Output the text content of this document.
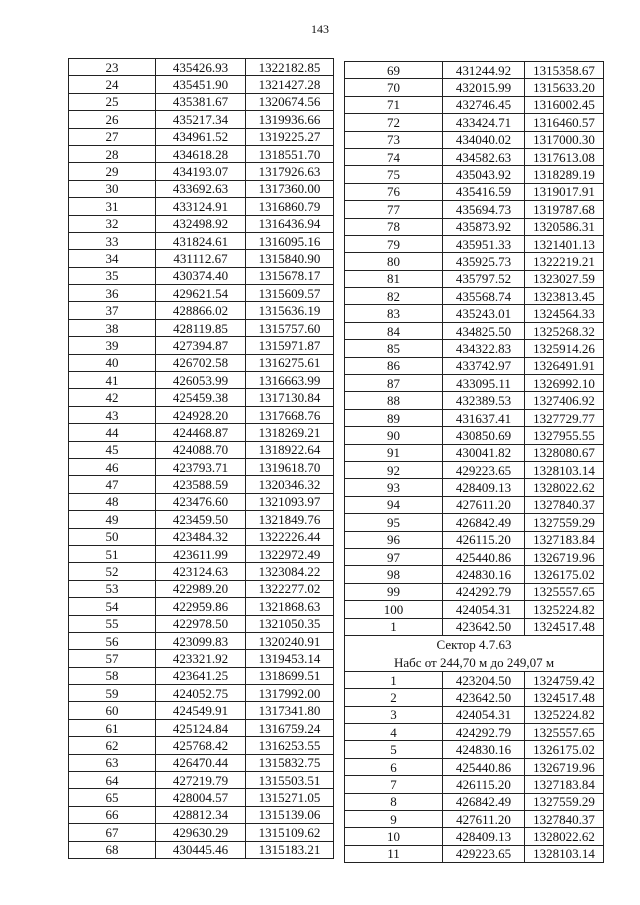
143
23	435426.93	1322182.85
24	435451.90	1321427.28
25	435381.67	1320674.56
26	435217.34	1319936.66
27	434961.52	1319225.27
28	434618.28	1318551.70
29	434193.07	1317926.63
30	433692.63	1317360.00
31	433124.91	1316860.79
32	432498.92	1316436.94
33	431824.61	1316095.16
34	431112.67	1315840.90
35	430374.40	1315678.17
36	429621.54	1315609.57
37	428866.02	1315636.19
38	428119.85	1315757.60
39	427394.87	1315971.87
40	426702.58	1316275.61
41	426053.99	1316663.99
42	425459.38	1317130.84
43	424928.20	1317668.76
44	424468.87	1318269.21
45	424088.70	1318922.64
46	423793.71	1319618.70
47	423588.59	1320346.32
48	423476.60	1321093.97
49	423459.50	1321849.76
50	423484.32	1322226.44
51	423611.99	1322972.49
52	423124.63	1323084.22
53	422989.20	1322277.02
54	422959.86	1321868.63
55	422978.50	1321050.35
56	423099.83	1320240.91
57	423321.92	1319453.14
58	423641.25	1318699.51
59	424052.75	1317992.00
60	424549.91	1317341.80
61	425124.84	1316759.24
62	425768.42	1316253.55
63	426470.44	1315832.75
64	427219.79	1315503.51
65	428004.57	1315271.05
66	428812.34	1315139.06
67	429630.29	1315109.62
68	430445.46	1315183.21
69	431244.92	1315358.67
70	432015.99	1315633.20
71	432746.45	1316002.45
72	433424.71	1316460.57
73	434040.02	1317000.30
74	434582.63	1317613.08
75	435043.92	1318289.19
76	435416.59	1319017.91
77	435694.73	1319787.68
78	435873.92	1320586.31
79	435951.33	1321401.13
80	435925.73	1322219.21
81	435797.52	1323027.59
82	435568.74	1323813.45
83	435243.01	1324564.33
84	434825.50	1325268.32
85	434322.83	1325914.26
86	433742.97	1326491.91
87	433095.11	1326992.10
88	432389.53	1327406.92
89	431637.41	1327729.77
90	430850.69	1327955.55
91	430041.82	1328080.67
92	429223.65	1328103.14
93	428409.13	1328022.62
94	427611.20	1327840.37
95	426842.49	1327559.29
96	426115.20	1327183.84
97	425440.86	1326719.96
98	424830.16	1326175.02
99	424292.79	1325557.65
100	424054.31	1325224.82
1	423642.50	1324517.48
Сектор 4.7.63		
Набс от 244,70 м до 249,07 м		
1	423204.50	1324759.42
2	423642.50	1324517.48
3	424054.31	1325224.82
4	424292.79	1325557.65
5	424830.16	1326175.02
6	425440.86	1326719.96
7	426115.20	1327183.84
8	426842.49	1327559.29
9	427611.20	1327840.37
10	428409.13	1328022.62
11	429223.65	1328103.14
